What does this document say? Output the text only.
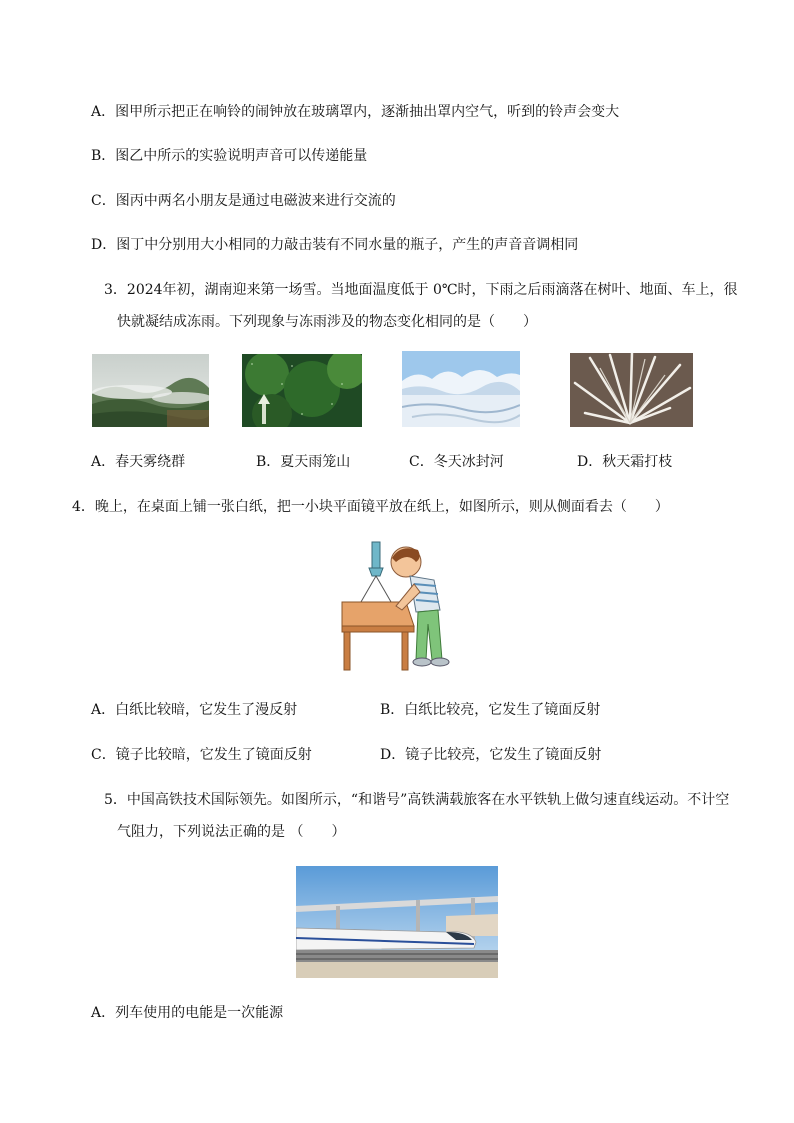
A．图甲所示把正在响铃的闹钟放在玻璃罩内，逐渐抽出罩内空气，听到的铃声会变大
B．图乙中所示的实验说明声音可以传递能量
C．图丙中两名小朋友是通过电磁波来进行交流的
D．图丁中分别用大小相同的力敲击装有不同水量的瓶子，产生的声音音调相同
3．2024年初，湖南迎来第一场雪。当地面温度低于 0℃时，下雨之后雨滴落在树叶、地面、车上，很
快就凝结成冻雨。下列现象与冻雨涉及的物态变化相同的是（　　）
A．春天雾绕群	B．夏天雨笼山	C．冬天冰封河	D．秋天霜打枝
4．晚上，在桌面上铺一张白纸，把一小块平面镜平放在纸上，如图所示，则从侧面看去（　　）
A．白纸比较暗，它发生了漫反射	B．白纸比较亮，它发生了镜面反射
C．镜子比较暗，它发生了镜面反射	D．镜子比较亮，它发生了镜面反射
5．中国高铁技术国际领先。如图所示，“和谐号”高铁满载旅客在水平铁轨上做匀速直线运动。不计空
气阻力，下列说法正确的是 （　　）
A．列车使用的电能是一次能源
